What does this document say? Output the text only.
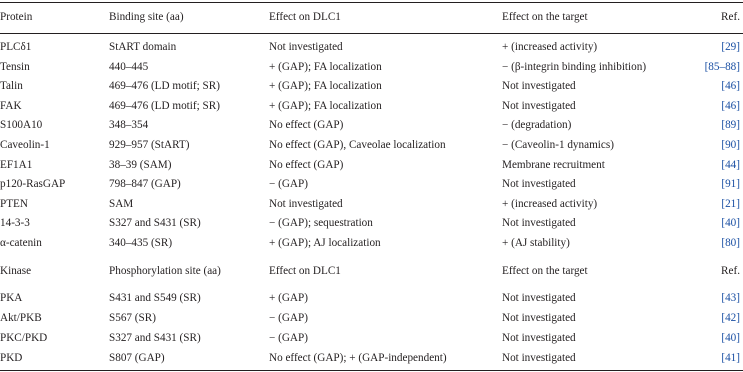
Protein	Binding site (aa)	Effect on DLC1	Effect on the target	Ref.
PLCδ1	StART domain	Not investigated	+ (increased activity)	[29]
Tensin	440–445	+ (GAP); FA localization	− (β-integrin binding inhibition)	[85–88]
Talin	469–476 (LD motif; SR)	+ (GAP); FA localization	Not investigated	[46]
FAK	469–476 (LD motif; SR)	+ (GAP); FA localization	Not investigated	[46]
S100A10	348–354	No effect (GAP)	− (degradation)	[89]
Caveolin-1	929–957 (StART)	No effect (GAP), Caveolae localization	− (Caveolin-1 dynamics)	[90]
EF1A1	38–39 (SAM)	No effect (GAP)	Membrane recruitment	[44]
p120-RasGAP	798–847 (GAP)	− (GAP)	Not investigated	[91]
PTEN	SAM	Not investigated	+ (increased activity)	[21]
14-3-3	S327 and S431 (SR)	− (GAP); sequestration	Not investigated	[40]
α-catenin	340–435 (SR)	+ (GAP); AJ localization	+ (AJ stability)	[80]
Kinase	Phosphorylation site (aa)	Effect on DLC1	Effect on the target	Ref.
PKA	S431 and S549 (SR)	+ (GAP)	Not investigated	[43]
Akt/PKB	S567 (SR)	− (GAP)	Not investigated	[42]
PKC/PKD	S327 and S431 (SR)	− (GAP)	Not investigated	[40]
PKD	S807 (GAP)	No effect (GAP); + (GAP-independent)	Not investigated	[41]
